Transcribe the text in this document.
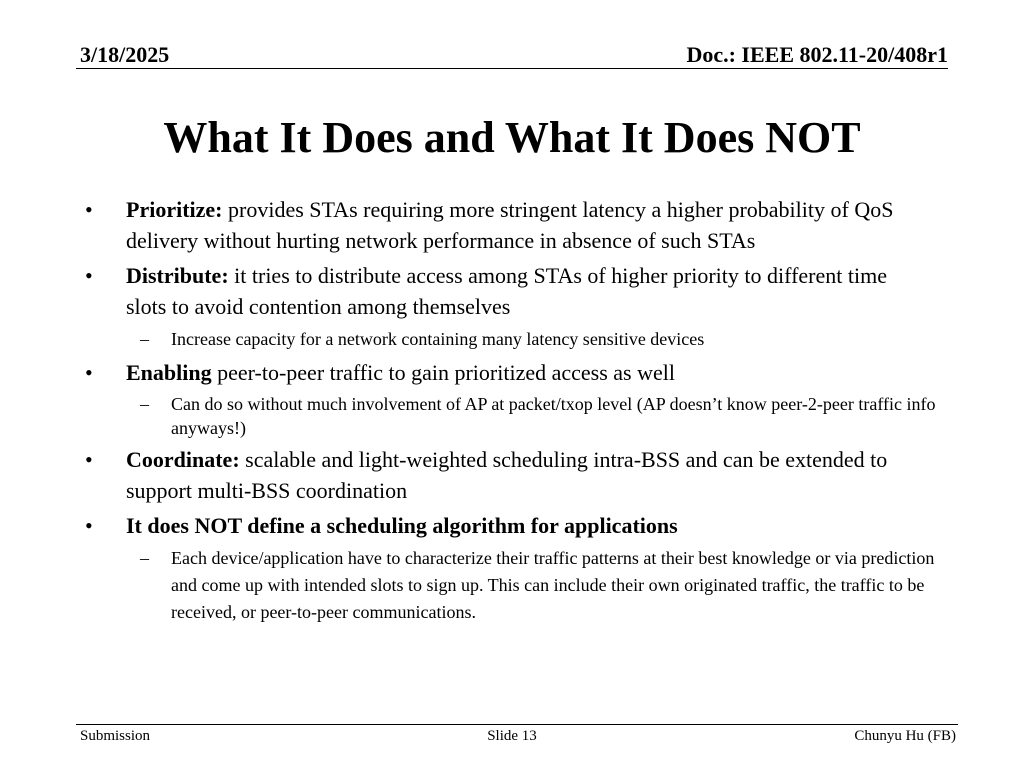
3/18/2025	Doc.: IEEE 802.11-20/408r1
What It Does and What It Does NOT
• Prioritize: provides STAs requiring more stringent latency a higher probability of QoS delivery without hurting network performance in absence of such STAs
• Distribute: it tries to distribute access among STAs of higher priority to different time slots to avoid contention among themselves
– Increase capacity for a network containing many latency sensitive devices
• Enabling peer-to-peer traffic to gain prioritized access as well
– Can do so without much involvement of AP at packet/txop level (AP doesn’t know peer-2-peer traffic info anyways!)
• Coordinate: scalable and light-weighted scheduling intra-BSS and can be extended to support multi-BSS coordination
• It does NOT define a scheduling algorithm for applications
– Each device/application have to characterize their traffic patterns at their best knowledge or via prediction and come up with intended slots to sign up. This can include their own originated traffic, the traffic to be received, or peer-to-peer communications.
Submission	Slide 13	Chunyu Hu (FB)
